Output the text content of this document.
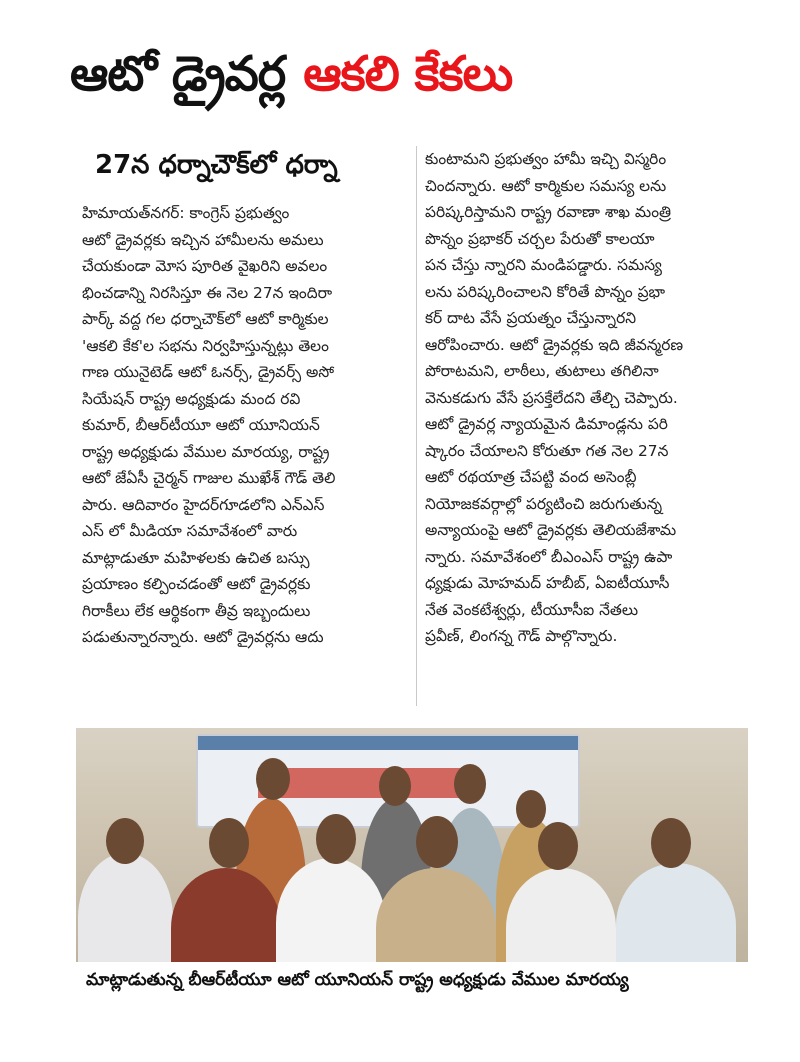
ఆటో డ్రైవర్ల ఆకలి కేకలు
27న ధర్నాచౌక్‌లో ధర్నా
హిమాయత్‌నగర్: కాంగ్రెస్ ప్రభుత్వం
ఆటో డ్రైవర్లకు ఇచ్చిన హామీలను అమలు
చేయకుండా మోస పూరిత వైఖరిని అవలం
భించడాన్ని నిరసిస్తూ ఈ నెల 27న ఇందిరా
పార్క్ వద్ద గల ధర్నాచౌక్‌లో ఆటో కార్మికుల
'ఆకలి కేక'ల సభను నిర్వహిస్తున్నట్లు తెలం
గాణ యునైటెడ్ ఆటో ఓనర్స్, డ్రైవర్స్ అసో
సియేషన్ రాష్ట్ర అధ్యక్షుడు మంద రవి
కుమార్, బీఆర్‌టీయూ ఆటో యూనియన్
రాష్ట్ర అధ్యక్షుడు వేముల మారయ్య, రాష్ట్ర
ఆటో జేఏసీ చైర్మన్ గాజుల ముఖేశ్ గౌడ్ తెలి
పారు. ఆదివారం హైదర్‌గూడలోని ఎన్ఎస్
ఎస్ లో మీడియా సమావేశంలో వారు
మాట్లాడుతూ మహిళలకు ఉచిత బస్సు
ప్రయాణం కల్పించడంతో ఆటో డ్రైవర్లకు
గిరాకీలు లేక ఆర్థికంగా తీవ్ర ఇబ్బందులు
పడుతున్నారన్నారు. ఆటో డ్రైవర్లను ఆదు
కుంటామని ప్రభుత్వం హామీ ఇచ్చి విస్మరిం
చిందన్నారు. ఆటో కార్మికుల సమస్య లను
పరిష్కరిస్తామని రాష్ట్ర రవాణా శాఖ మంత్రి
పొన్నం ప్రభాకర్ చర్చల పేరుతో కాలయా
పన చేస్తు న్నారని మండిపడ్డారు. సమస్య
లను పరిష్కరించాలని కోరితే పొన్నం ప్రభా
కర్ దాట వేసే ప్రయత్నం చేస్తున్నారని
ఆరోపించారు. ఆటో డ్రైవర్లకు ఇది జీవన్మరణ
పోరాటమని, లాఠీలు, తుటాలు తగిలినా
వెనుకడుగు వేసే ప్రసక్తేలేదని తేల్చి చెప్పారు.
ఆటో డ్రైవర్ల న్యాయమైన డిమాండ్లను పరి
ష్కారం చేయాలని కోరుతూ గత నెల 27న
ఆటో రథయాత్ర చేపట్టి వంద అసెంబ్లీ
నియోజకవర్గాల్లో పర్యటించి జరుగుతున్న
అన్యాయంపై ఆటో డ్రైవర్లకు తెలియజేశామ
న్నారు. సమావేశంలో బీఎంఎస్ రాష్ట్ర ఉపా
ధ్యక్షుడు మోహమద్ హబీబ్, ఏఐటీయూసీ
నేత వెంకటేశ్వర్లు, టీయూసీఐ నేతలు
ప్రవీణ్, లింగన్న గౌడ్ పాల్గొన్నారు.
మాట్లాడుతున్న బీఆర్‌టీయూ ఆటో యూనియన్ రాష్ట్ర అధ్యక్షుడు వేముల మారయ్య
